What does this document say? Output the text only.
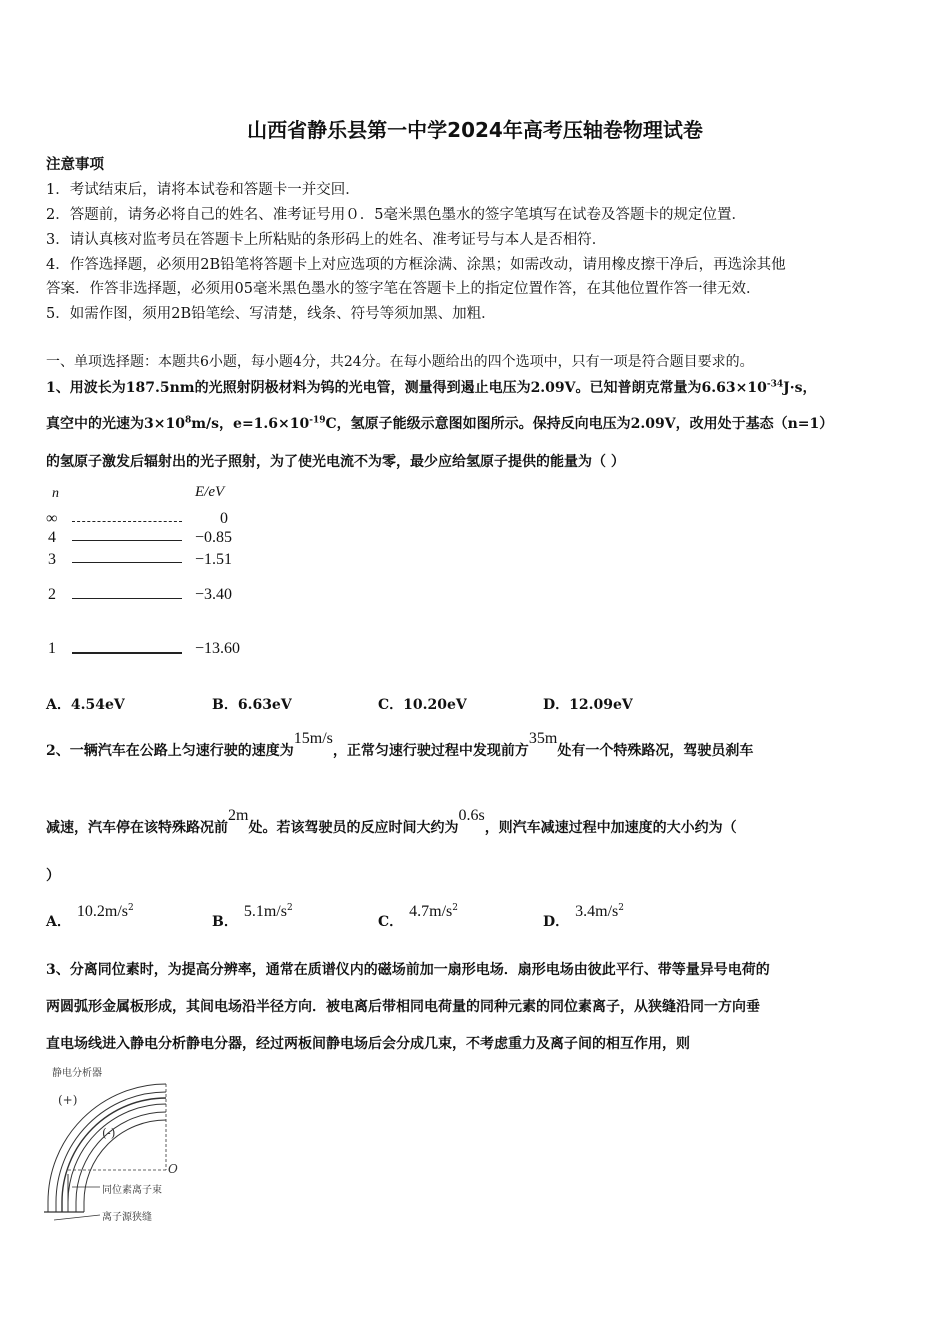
山西省静乐县第一中学2024年高考压轴卷物理试卷
注意事项
1．考试结束后，请将本试卷和答题卡一并交回．
2．答题前，请务必将自己的姓名、准考证号用０．5毫米黑色墨水的签字笔填写在试卷及答题卡的规定位置．
3．请认真核对监考员在答题卡上所粘贴的条形码上的姓名、准考证号与本人是否相符．
4．作答选择题，必须用2B铅笔将答题卡上对应选项的方框涂满、涂黑；如需改动，请用橡皮擦干净后，再选涂其他
答案．作答非选择题，必须用05毫米黑色墨水的签字笔在答题卡上的指定位置作答，在其他位置作答一律无效．
5．如需作图，须用2B铅笔绘、写清楚，线条、符号等须加黑、加粗．
一、单项选择题：本题共6小题，每小题4分，共24分。在每小题给出的四个选项中，只有一项是符合题目要求的。
1、用波长为187.5nm的光照射阴极材料为钨的光电管，测量得到遏止电压为2.09V。已知普朗克常量为$6.63\times 10^{-34}J\cdot s$，
真空中的光速为$3\times 10^8m/s$，$e=1.6\times 10^{-19}C$，氢原子能级示意图如图所示。保持反向电压为2.09V，改用处于基态（n=1）
的氢原子激发后辐射出的光子照射，为了使光电流不为零，最少应给氢原子提供的能量为（ ）
n	E/eV
∞	0
4	−0.85
3	−1.51
2	−3.40
1	−13.60
A．4.54eV	B．6.63eV	C．10.20eV	D．12.09eV
2、一辆汽车在公路上匀速行驶的速度为15m/s，正常匀速行驶过程中发现前方35m处有一个特殊路况，驾驶员刹车
减速，汽车停在该特殊路况前2m处。若该驾驶员的反应时间大约为0.6s，则汽车减速过程中加速度的大小约为（
）
A．$10.2m/s^2$
B．$5.1m/s^2$
C．$4.7m/s^2$
D．$3.4m/s^2$
3、分离同位素时，为提高分辨率，通常在质谱仪内的磁场前加一扇形电场．扇形电场由彼此平行、带等量异号电荷的
两圆弧形金属板形成，其间电场沿半径方向．被电离后带相同电荷量的同种元素的同位素离子，从狭缝沿同一方向垂
直电场线进入静电分析静电分器，经过两板间静电场后会分成几束，不考虑重力及离子间的相互作用，则
静电分析器
(+)
(-)
O
同位素离子束
离子源狭缝
